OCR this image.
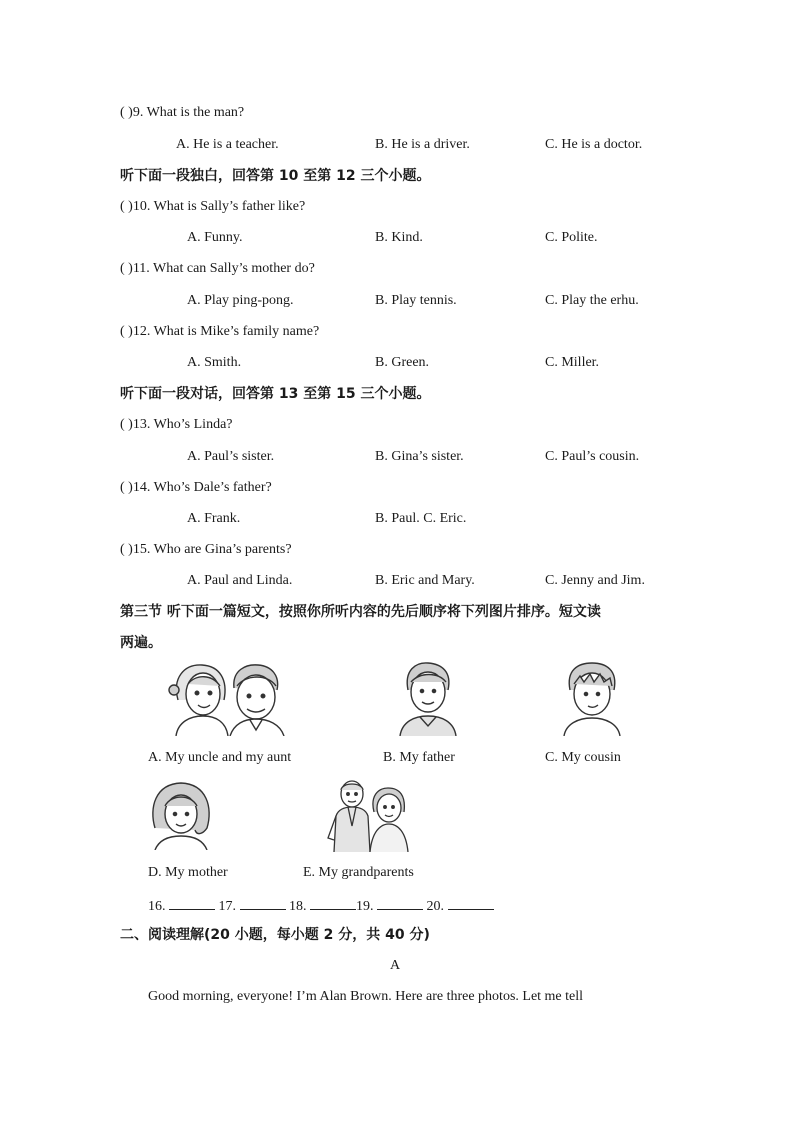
( )9. What is the man?
A. He is a teacher.	B. He is a driver.	C. He is a doctor.
听下面一段独白，回答第 10 至第 12 三个小题。
( )10. What is Sally’s father like?
A. Funny.	B. Kind.	C. Polite.
( )11. What can Sally’s mother do?
A. Play ping-pong.	B. Play tennis.	C. Play the erhu.
( )12. What is Mike’s family name?
A. Smith.	B. Green.	C. Miller.
听下面一段对话，回答第 13 至第 15 三个小题。
( )13. Who’s Linda?
A. Paul’s sister.	B. Gina’s sister.	C. Paul’s cousin.
( )14. Who’s Dale’s father?
A. Frank.	B. Paul. C. Eric.
( )15. Who are Gina’s parents?
A. Paul and Linda.	B. Eric and Mary.	C. Jenny and Jim.
第三节 听下面一篇短文，按照你所听内容的先后顺序将下列图片排序。短文读
两遍。
A. My uncle and my aunt	B. My father	C. My cousin
D. My mother	E. My grandparents
16.	17.	18.	19.	20.
二、阅读理解(20 小题，每小题 2 分，共 40 分)
A
Good morning, everyone! I’m Alan Brown. Here are three photos. Let me tell
